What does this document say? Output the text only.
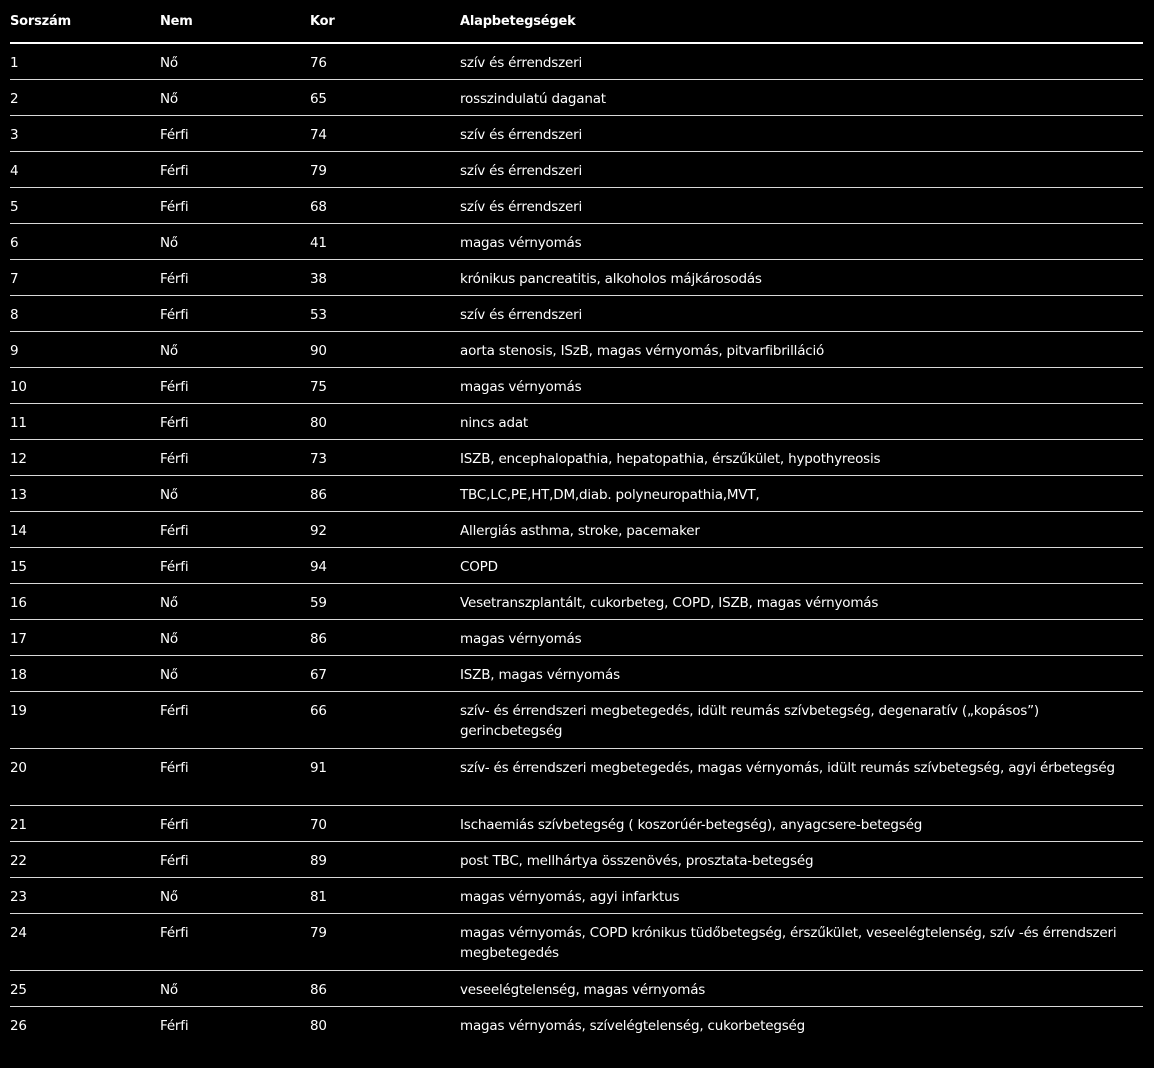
Sorszám	Nem	Kor	Alapbetegségek
1	Nő	76	szív és érrendszeri
2	Nő	65	rosszindulatú daganat
3	Férfi	74	szív és érrendszeri
4	Férfi	79	szív és érrendszeri
5	Férfi	68	szív és érrendszeri
6	Nő	41	magas vérnyomás
7	Férfi	38	krónikus pancreatitis, alkoholos májkárosodás
8	Férfi	53	szív és érrendszeri
9	Nő	90	aorta stenosis, ISzB, magas vérnyomás, pitvarfibrilláció
10	Férfi	75	magas vérnyomás
11	Férfi	80	nincs adat
12	Férfi	73	ISZB, encephalopathia, hepatopathia, érszűkület, hypothyreosis
13	Nő	86	TBC,LC,PE,HT,DM,diab. polyneuropathia,MVT,
14	Férfi	92	Allergiás asthma, stroke, pacemaker
15	Férfi	94	COPD
16	Nő	59	Vesetranszplantált, cukorbeteg, COPD, ISZB, magas vérnyomás
17	Nő	86	magas vérnyomás
18	Nő	67	ISZB, magas vérnyomás
19	Férfi	66	szív- és érrendszeri megbetegedés, idült reumás szívbetegség, degenaratív („kopásos”) gerincbetegség
20	Férfi	91	szív- és érrendszeri megbetegedés, magas vérnyomás, idült reumás szívbetegség, agyi érbetegség
21	Férfi	70	Ischaemiás szívbetegség ( koszorúér-betegség), anyagcsere-betegség
22	Férfi	89	post TBC, mellhártya összenövés, prosztata-betegség
23	Nő	81	magas vérnyomás, agyi infarktus
24	Férfi	79	magas vérnyomás, COPD krónikus tüdőbetegség, érszűkület, veseelégtelenség, szív -és érrendszeri megbetegedés
25	Nő	86	veseelégtelenség, magas vérnyomás
26	Férfi	80	magas vérnyomás, szívelégtelenség, cukorbetegség
